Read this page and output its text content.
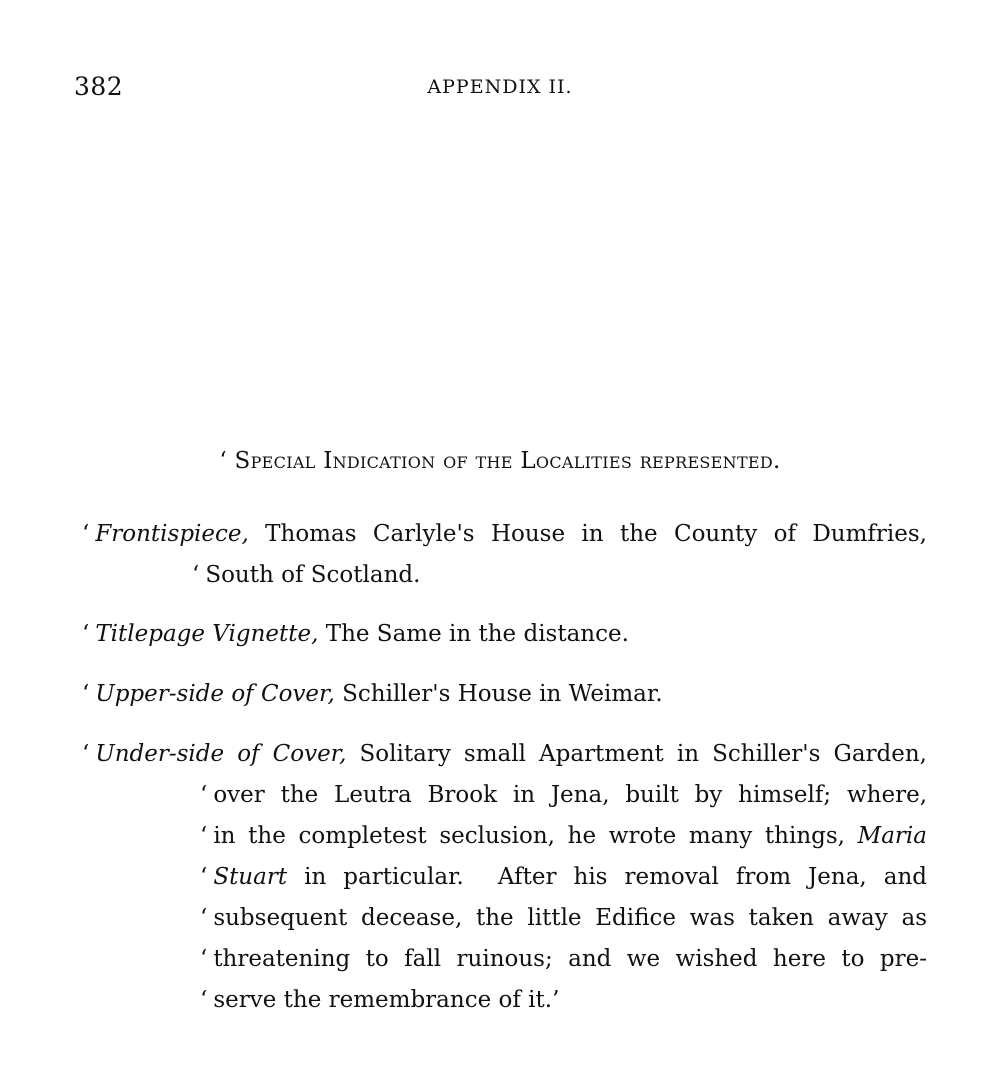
382	APPENDIX II.
‘ Special Indication of the Localities represented.
‘ Frontispiece, Thomas Carlyle's House in the County of Dumfries,
‘ South of Scotland.
‘ Titlepage Vignette, The Same in the distance.
‘ Upper-side of Cover, Schiller's House in Weimar.
‘ Under-side of Cover, Solitary small Apartment in Schiller's Garden,
‘ over the Leutra Brook in Jena, built by himself; where,
‘ in the completest seclusion, he wrote many things, Maria
‘ Stuart in particular.  After his removal from Jena, and
‘ subsequent decease, the little Edifice was taken away as
‘ threatening to fall ruinous; and we wished here to pre-
‘ serve the remembrance of it.’
